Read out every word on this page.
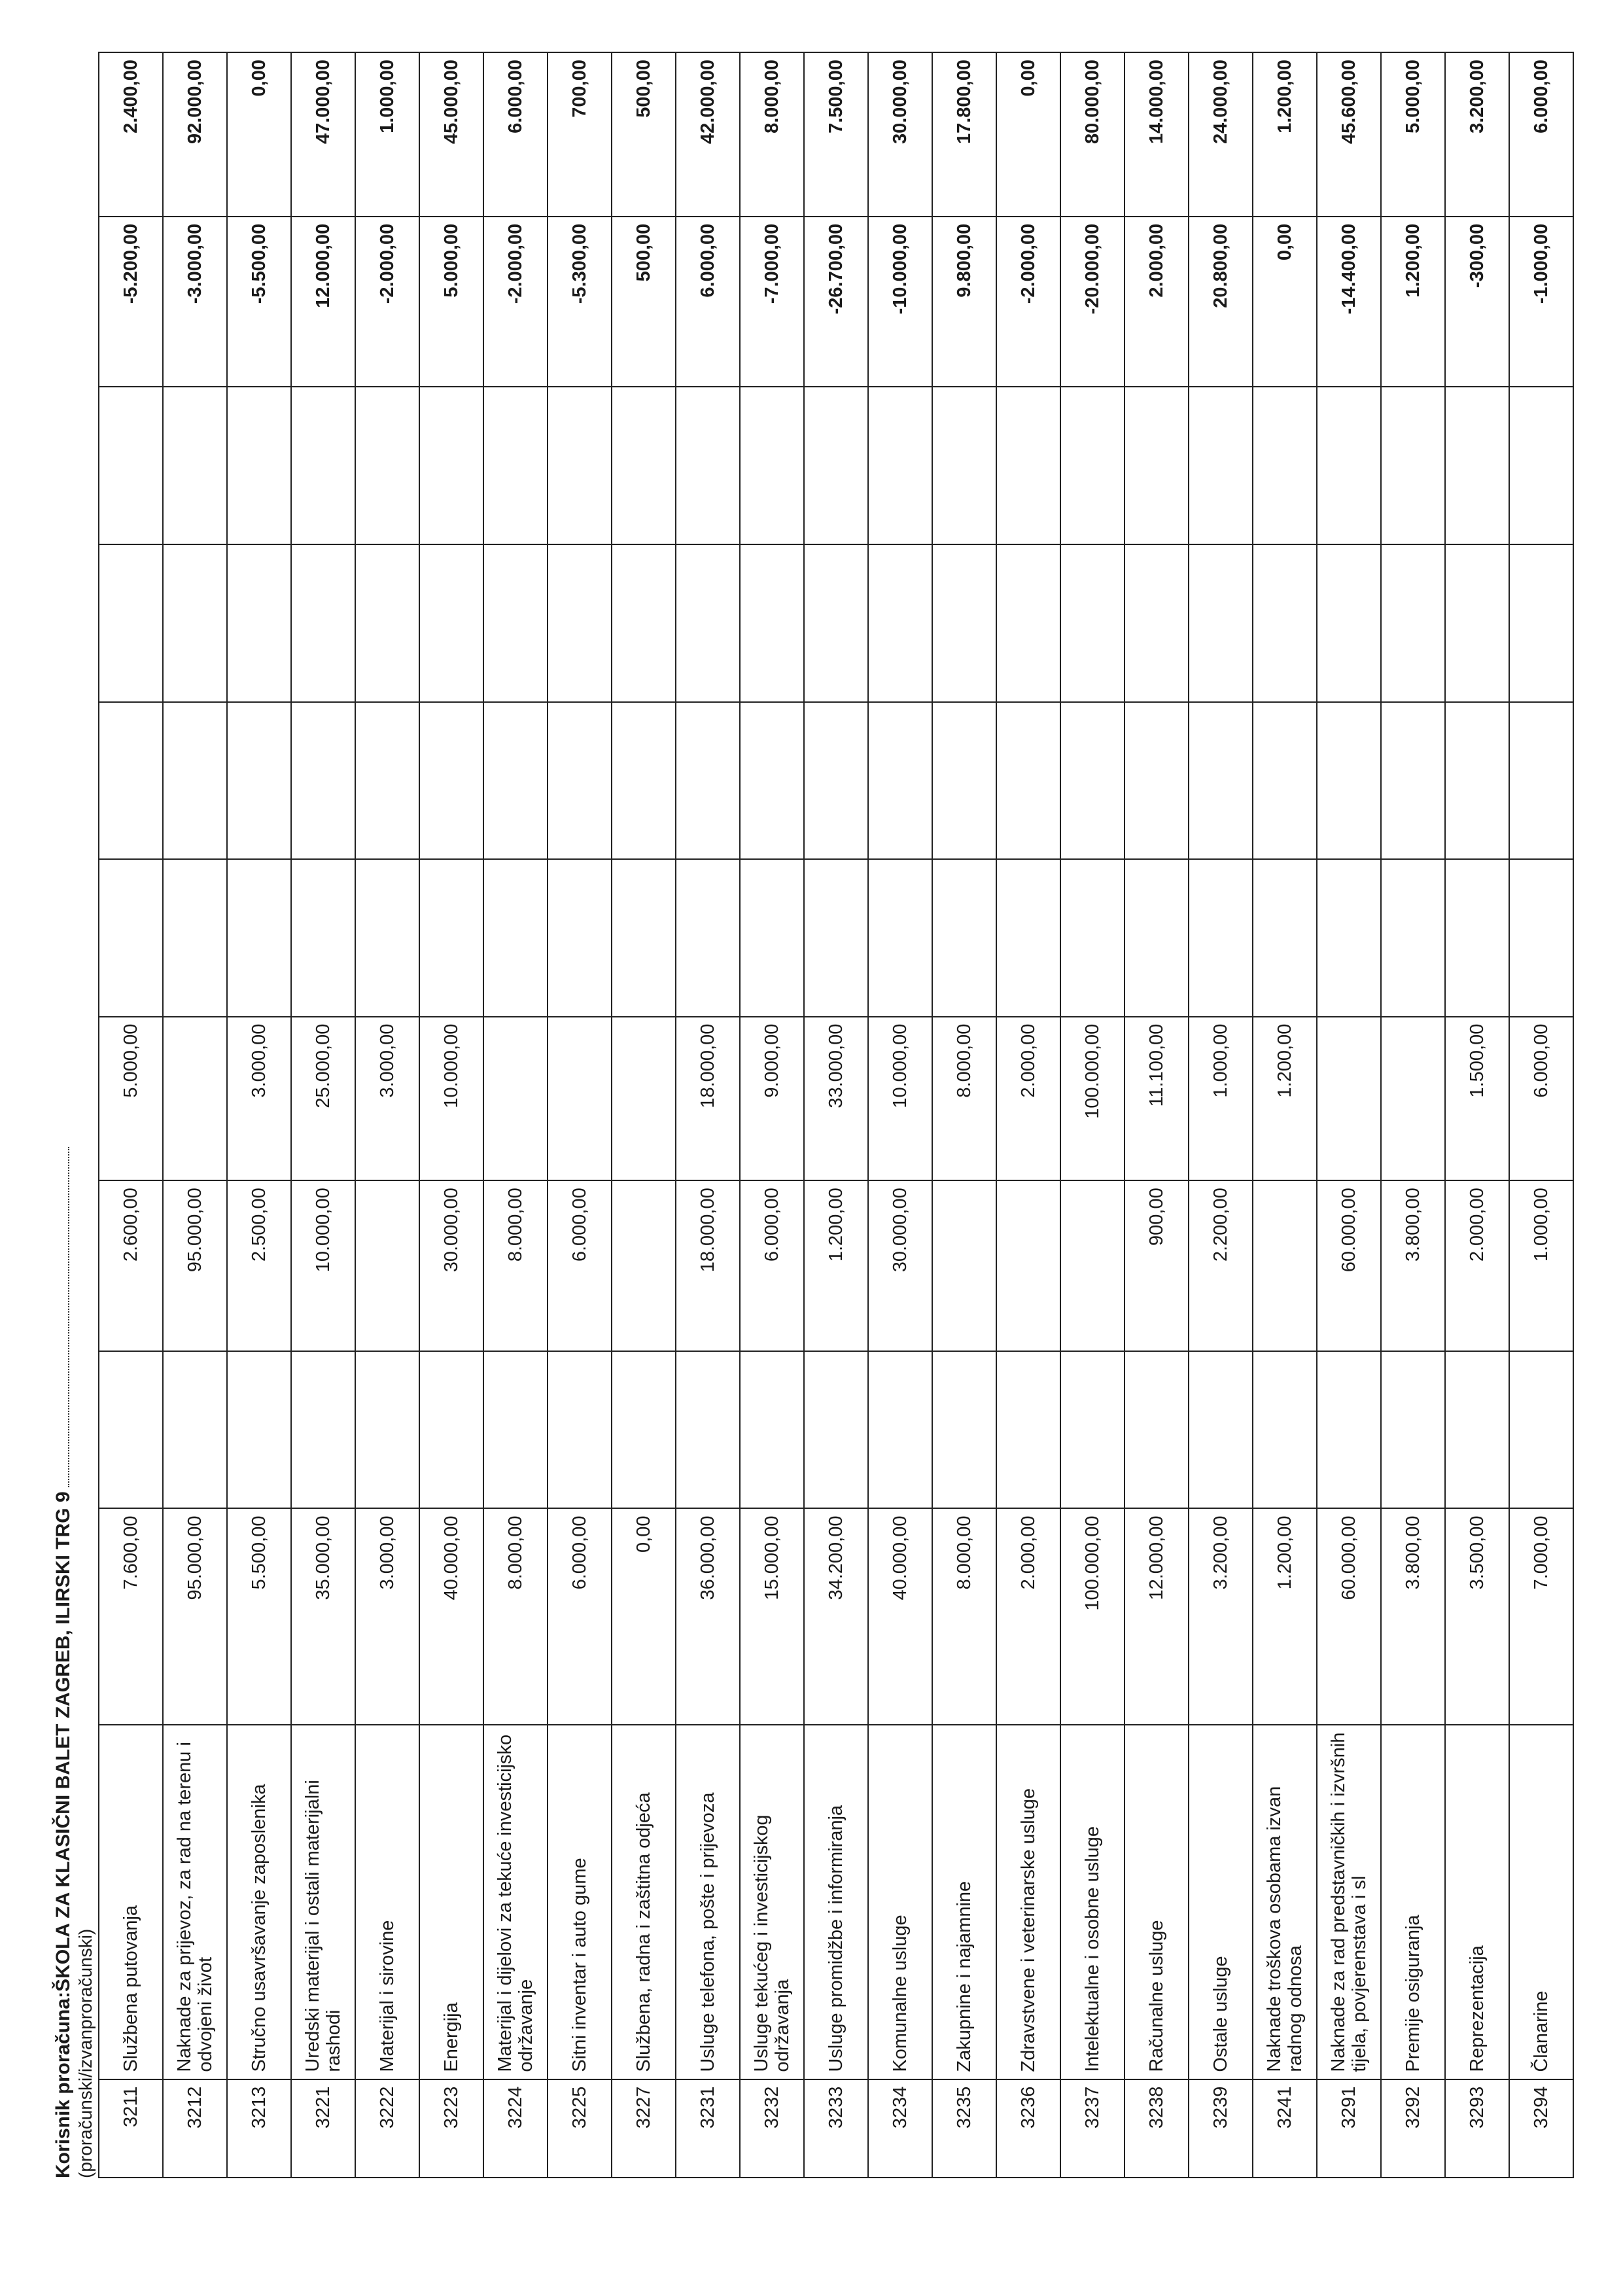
Korisnik proračuna:ŠKOLA ZA KLASIČNI BALET ZAGREB, ILIRSKI TRG 9 (proračunski/izvanproračunski) 3211	Službena putovanja	7.600,00		2.600,00	5.000,00					-5.200,00	2.400,00
3212	Naknade za prijevoz, za rad na terenu i odvojeni život	95.000,00		95.000,00						-3.000,00	92.000,00
3213	Stručno usavršavanje zaposlenika	5.500,00		2.500,00	3.000,00					-5.500,00	0,00
3221	Uredski materijal i ostali materijalni rashodi	35.000,00		10.000,00	25.000,00					12.000,00	47.000,00
3222	Materijal i sirovine	3.000,00			3.000,00					-2.000,00	1.000,00
3223	Energija	40.000,00		30.000,00	10.000,00					5.000,00	45.000,00
3224	Materijal i dijelovi za tekuće investicijsko održavanje	8.000,00		8.000,00						-2.000,00	6.000,00
3225	Sitni inventar i auto gume	6.000,00		6.000,00						-5.300,00	700,00
3227	Službena, radna i zaštitna odjeća	0,00								500,00	500,00
3231	Usluge telefona, pošte i prijevoza	36.000,00		18.000,00	18.000,00					6.000,00	42.000,00
3232	Usluge tekućeg i investicijskog održavanja	15.000,00		6.000,00	9.000,00					-7.000,00	8.000,00
3233	Usluge promidžbe i informiranja	34.200,00		1.200,00	33.000,00					-26.700,00	7.500,00
3234	Komunalne usluge	40.000,00		30.000,00	10.000,00					-10.000,00	30.000,00
3235	Zakupnine i najamnine	8.000,00			8.000,00					9.800,00	17.800,00
3236	Zdravstvene i veterinarske usluge	2.000,00			2.000,00					-2.000,00	0,00
3237	Intelektualne i osobne usluge	100.000,00			100.000,00					-20.000,00	80.000,00
3238	Računalne usluge	12.000,00		900,00	11.100,00					2.000,00	14.000,00
3239	Ostale usluge	3.200,00		2.200,00	1.000,00					20.800,00	24.000,00
3241	Naknade troškova osobama izvan radnog odnosa	1.200,00			1.200,00					0,00	1.200,00
3291	Naknade za rad predstavničkih i izvršnih tijela, povjerenstava i sl	60.000,00		60.000,00						-14.400,00	45.600,00
3292	Premije osiguranja	3.800,00		3.800,00						1.200,00	5.000,00
3293	Reprezentacija	3.500,00		2.000,00	1.500,00					-300,00	3.200,00
3294	Članarine	7.000,00		1.000,00	6.000,00					-1.000,00	6.000,00
